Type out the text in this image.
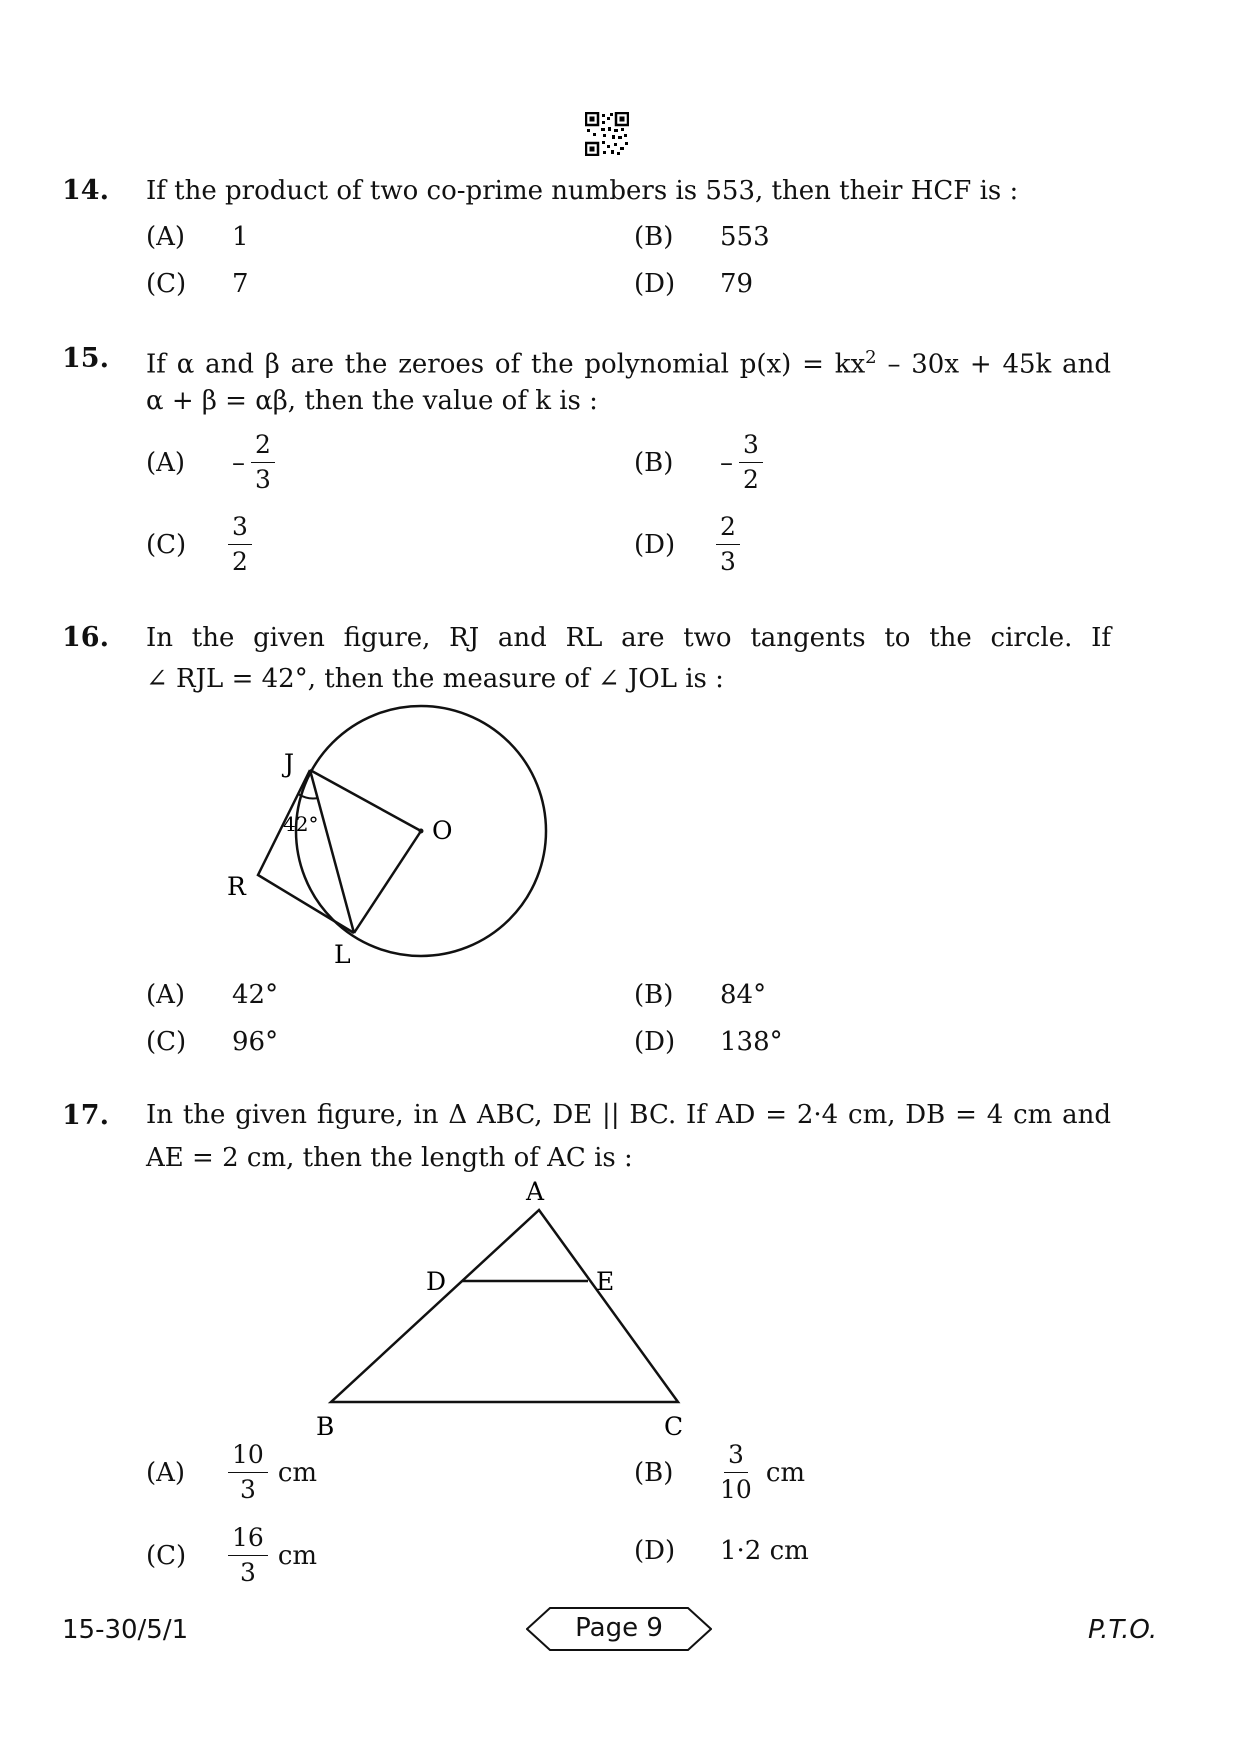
14. If the product of two co-prime numbers is 553, then their HCF is :
(A) 1	(B) 553
(C) 7	(D) 79
15. If α and β are the zeroes of the polynomial $p(x) = kx^2 - 30x + 45k$ and
α + β = αβ, then the value of k is :
(A)	– $\frac{2}{3}$	(B)	– $\frac{3}{2}$
(C)	$\frac{3}{2}$	(D)	$\frac{2}{3}$
16. In the given figure, RJ and RL are two tangents to the circle. If
∠ RJL = 42°, then the measure of ∠ JOL is :
J
O
R
L
42°
(A) 42°	(B) 84°
(C) 96°	(D) 138°
17. In the given figure, in Δ ABC, DE || BC. If AD = 2·4 cm, DB = 4 cm and
AE = 2 cm, then the length of AC is :
A
D	E
B	C
(A)	$\frac{10}{3}$ cm	(B)	$\frac{3}{10}$ cm
(C)	$\frac{16}{3}$ cm	(D) 1·2 cm
15-30/5/1	Page 9	P.T.O.
